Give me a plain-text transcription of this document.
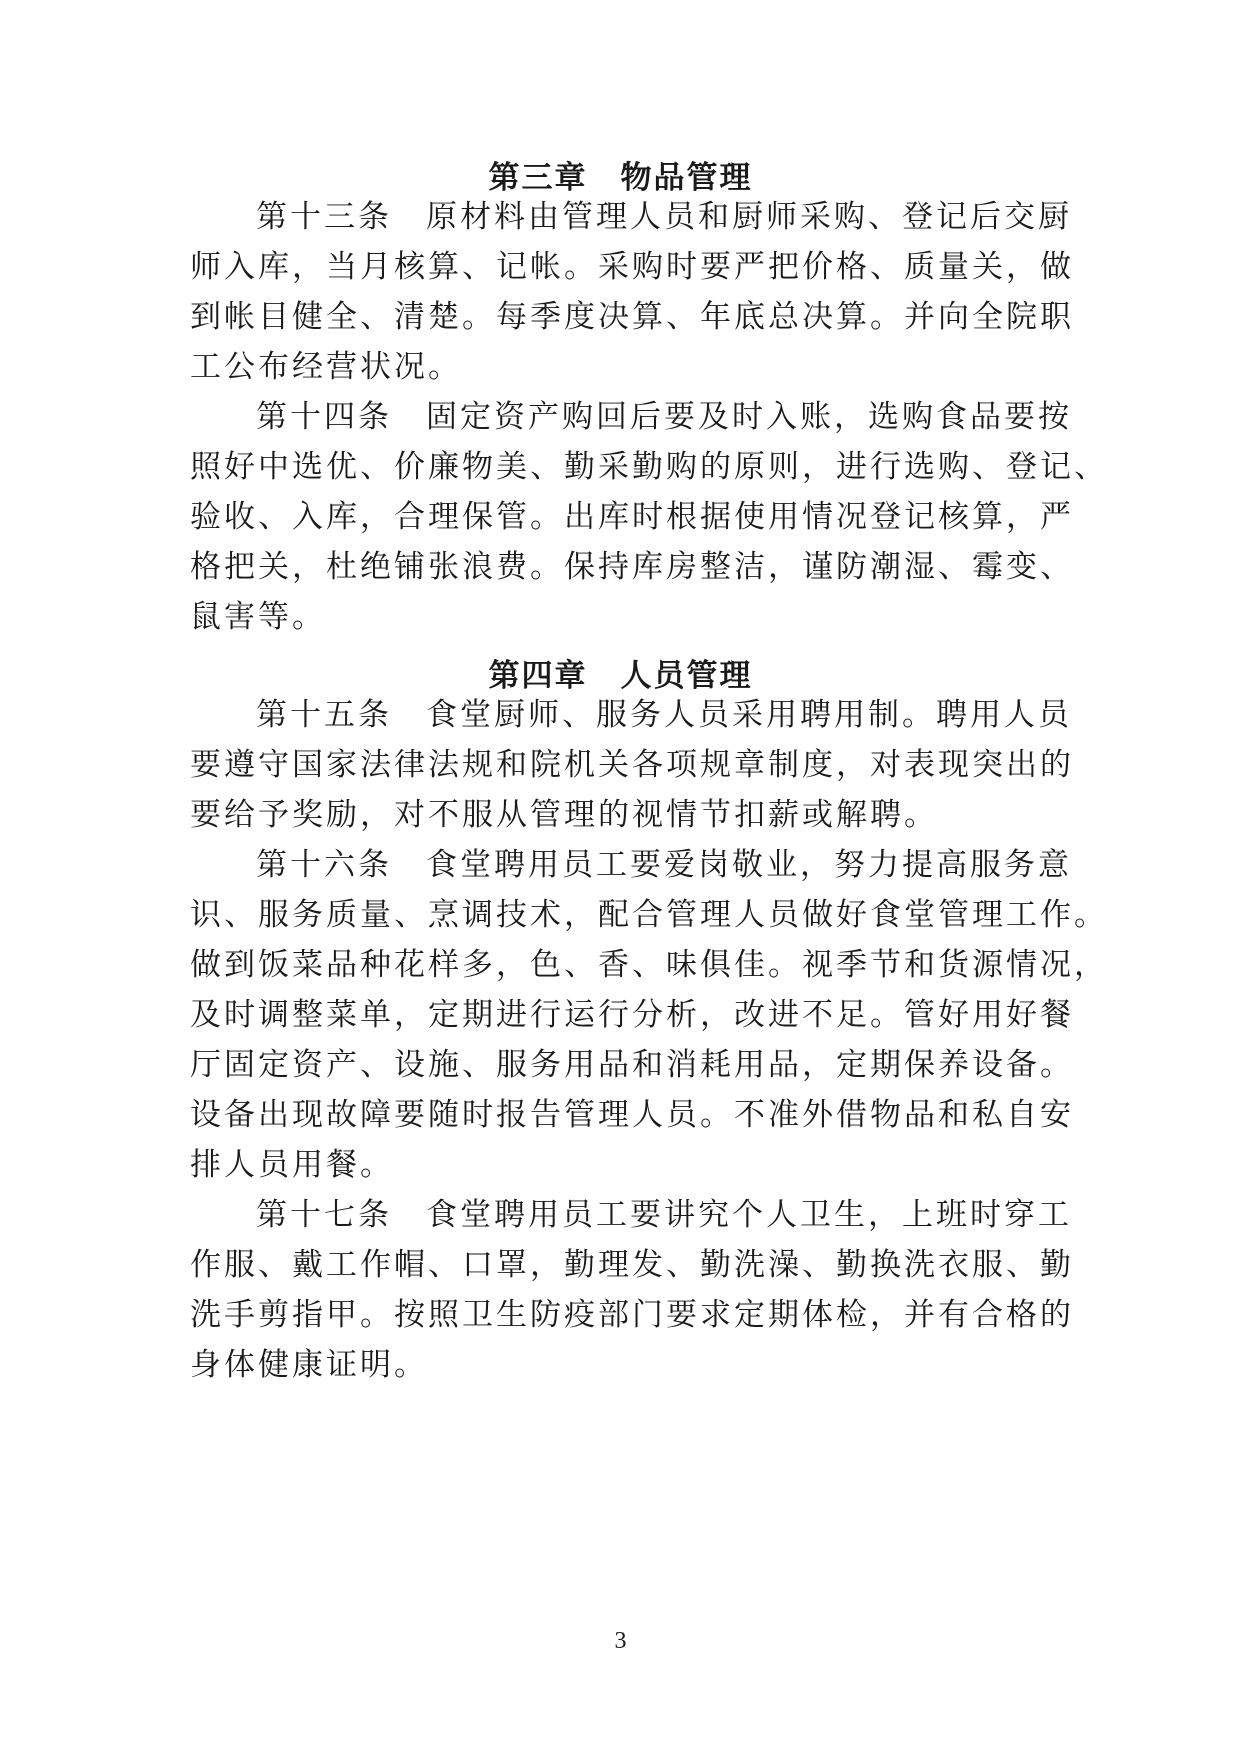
第三章　物品管理

第十三条　原材料由管理人员和厨师采购、登记后交厨

师入库，当月核算、记帐。采购时要严把价格、质量关，做

到帐目健全、清楚。每季度决算、年底总决算。并向全院职

工公布经营状况。

第十四条　固定资产购回后要及时入账，选购食品要按

照好中选优、价廉物美、勤采勤购的原则，进行选购、登记、

验收、入库，合理保管。出库时根据使用情况登记核算，严

格把关，杜绝铺张浪费。保持库房整洁，谨防潮湿、霉变、

鼠害等。

第四章　人员管理

第十五条　食堂厨师、服务人员采用聘用制。聘用人员

要遵守国家法律法规和院机关各项规章制度，对表现突出的

要给予奖励，对不服从管理的视情节扣薪或解聘。

第十六条　食堂聘用员工要爱岗敬业，努力提高服务意

识、服务质量、烹调技术，配合管理人员做好食堂管理工作。

做到饭菜品种花样多，色、香、味俱佳。视季节和货源情况，

及时调整菜单，定期进行运行分析，改进不足。管好用好餐

厅固定资产、设施、服务用品和消耗用品，定期保养设备。

设备出现故障要随时报告管理人员。不准外借物品和私自安

排人员用餐。

第十七条　食堂聘用员工要讲究个人卫生，上班时穿工

作服、戴工作帽、口罩，勤理发、勤洗澡、勤换洗衣服、勤

洗手剪指甲。按照卫生防疫部门要求定期体检，并有合格的

身体健康证明。

3
